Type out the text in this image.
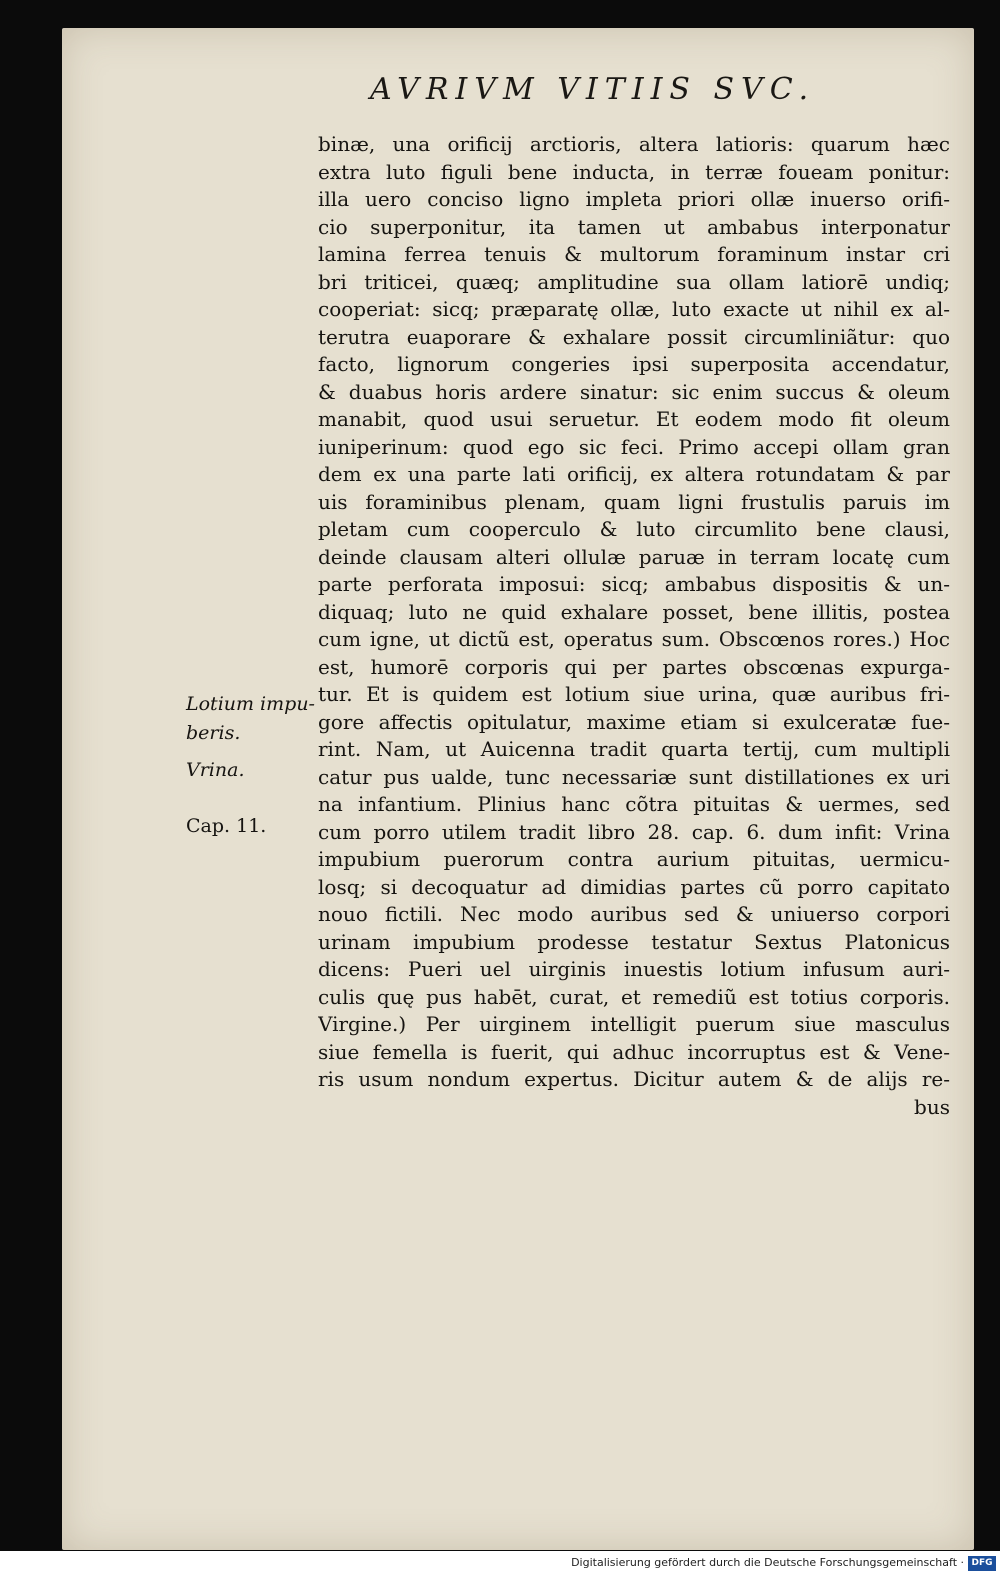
AVRIVM VITIIS SVC.
binæ, una orificij arctioris, altera latioris: quarum hæc
extra luto figuli bene inducta, in terræ foueam ponitur:
illa uero conciso ligno impleta priori ollæ inuerso orifi-
cio superponitur, ita tamen ut ambabus interponatur
lamina ferrea tenuis & multorum foraminum instar cri
bri triticei, quæq; amplitudine sua ollam latiorē undiq;
cooperiat: sicq; præparatę ollæ, luto exacte ut nihil ex al-
terutra euaporare & exhalare possit circumliniãtur: quo
facto, lignorum congeries ipsi superposita accendatur,
& duabus horis ardere sinatur: sic enim succus & oleum
manabit, quod usui seruetur. Et eodem modo fit oleum
iuniperinum: quod ego sic feci. Primo accepi ollam gran
dem ex una parte lati orificij, ex altera rotundatam & par
uis foraminibus plenam, quam ligni frustulis paruis im
pletam cum cooperculo & luto circumlito bene clausi,
deinde clausam alteri ollulæ paruæ in terram locatę cum
parte perforata imposui: sicq; ambabus dispositis & un-
diquaq; luto ne quid exhalare posset, bene illitis, postea
cum igne, ut dictũ est, operatus sum. Obscœnos rores.) Hoc
est, humorē corporis qui per partes obscœnas expurga-
tur. Et is quidem est lotium siue urina, quæ auribus fri-
gore affectis opitulatur, maxime etiam si exulceratæ fue-
rint. Nam, ut Auicenna tradit quarta tertij, cum multipli
catur pus ualde, tunc necessariæ sunt distillationes ex uri
na infantium. Plinius hanc cõtra pituitas & uermes, sed
cum porro utilem tradit libro 28. cap. 6. dum infit: Vrina
impubium puerorum contra aurium pituitas, uermicu-
losq; si decoquatur ad dimidias partes cũ porro capitato
nouo fictili. Nec modo auribus sed & uniuerso corpori
urinam impubium prodesse testatur Sextus Platonicus
dicens: Pueri uel uirginis inuestis lotium infusum auri-
culis quę pus habēt, curat, et remediũ est totius corporis.
Virgine.) Per uirginem intelligit puerum siue masculus
siue femella is fuerit, qui adhuc incorruptus est & Vene-
ris usum nondum expertus. Dicitur autem & de alijs re-
bus
Lotium impu-
beris.
Vrina.
Cap. 11.
Digitalisierung gefördert durch die Deutsche Forschungsgemeinschaft · DFG
